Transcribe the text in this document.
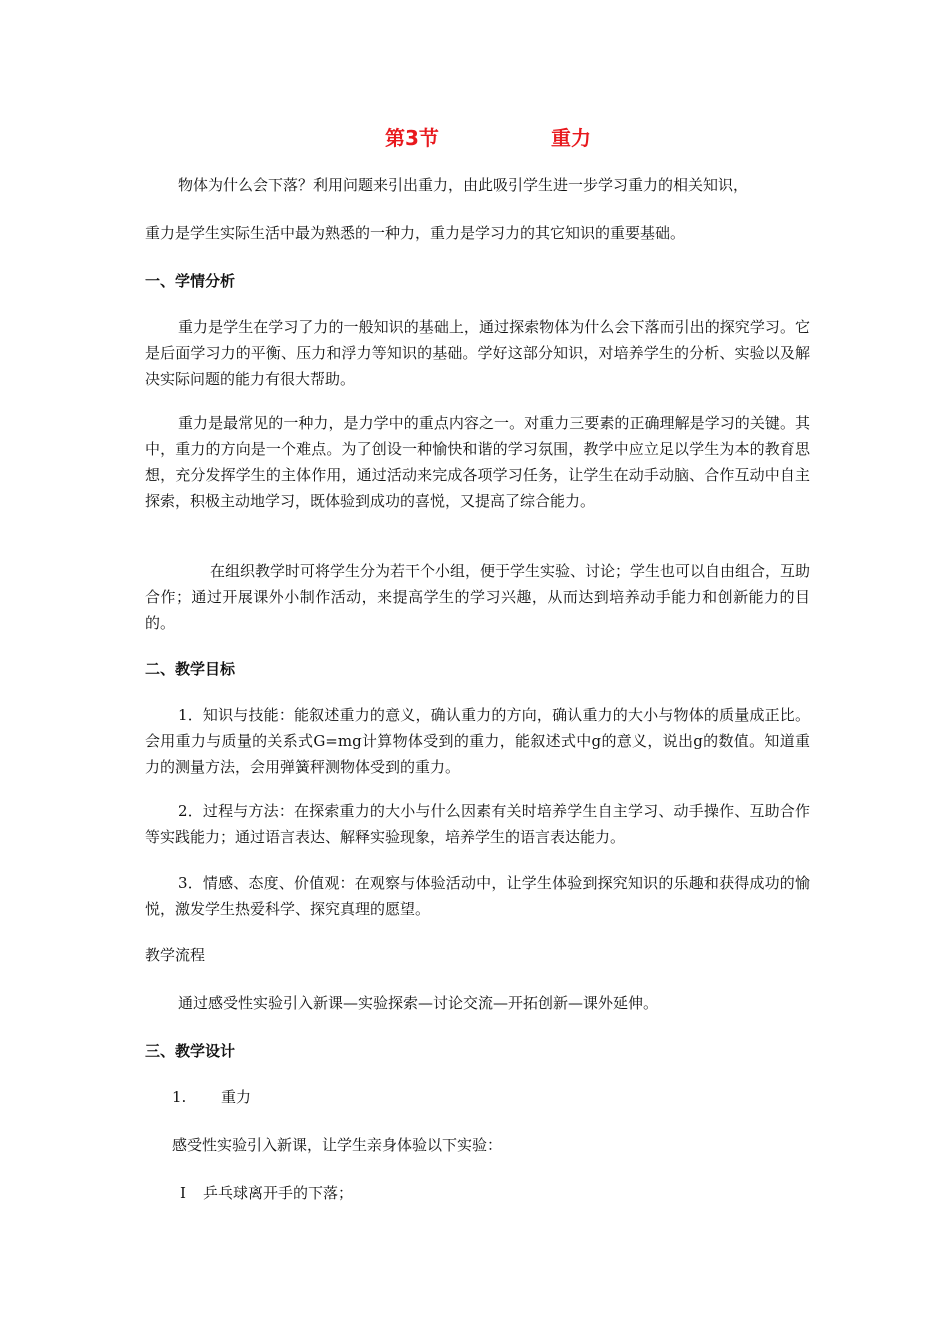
第3节	重力
物体为什么会下落？利用问题来引出重力，由此吸引学生进一步学习重力的相关知识，
重力是学生实际生活中最为熟悉的一种力，重力是学习力的其它知识的重要基础。
一、学情分析

重力是学生在学习了力的一般知识的基础上，通过探索物体为什么会下落而引出的探究学习。它是后面学习力的平衡、压力和浮力等知识的基础。学好这部分知识，对培养学生的分析、实验以及解决实际问题的能力有很大帮助。

重力是最常见的一种力，是力学中的重点内容之一。对重力三要素的正确理解是学习的关键。其中，重力的方向是一个难点。为了创设一种愉快和谐的学习氛围，教学中应立足以学生为本的教育思想，充分发挥学生的主体作用，通过活动来完成各项学习任务，让学生在动手动脑、合作互动中自主探索，积极主动地学习，既体验到成功的喜悦，又提高了综合能力。

在组织教学时可将学生分为若干个小组，便于学生实验、讨论；学生也可以自由组合，互助合作；通过开展课外小制作活动，来提高学生的学习兴趣，从而达到培养动手能力和创新能力的目的。

二、教学目标

1．知识与技能：能叙述重力的意义，确认重力的方向，确认重力的大小与物体的质量成正比。会用重力与质量的关系式G=mg计算物体受到的重力，能叙述式中g的意义，说出g的数值。知道重力的测量方法，会用弹簧秤测物体受到的重力。

2．过程与方法：在探索重力的大小与什么因素有关时培养学生自主学习、动手操作、互助合作等实践能力；通过语言表达、解释实验现象，培养学生的语言表达能力。

3．情感、态度、价值观：在观察与体验活动中，让学生体验到探究知识的乐趣和获得成功的愉悦，激发学生热爱科学、探究真理的愿望。

教学流程
通过感受性实验引入新课—实验探索—讨论交流—开拓创新—课外延伸。
三、教学设计
1. 重力
感受性实验引入新课，让学生亲身体验以下实验：
Ⅰ 乒乓球离开手的下落；
